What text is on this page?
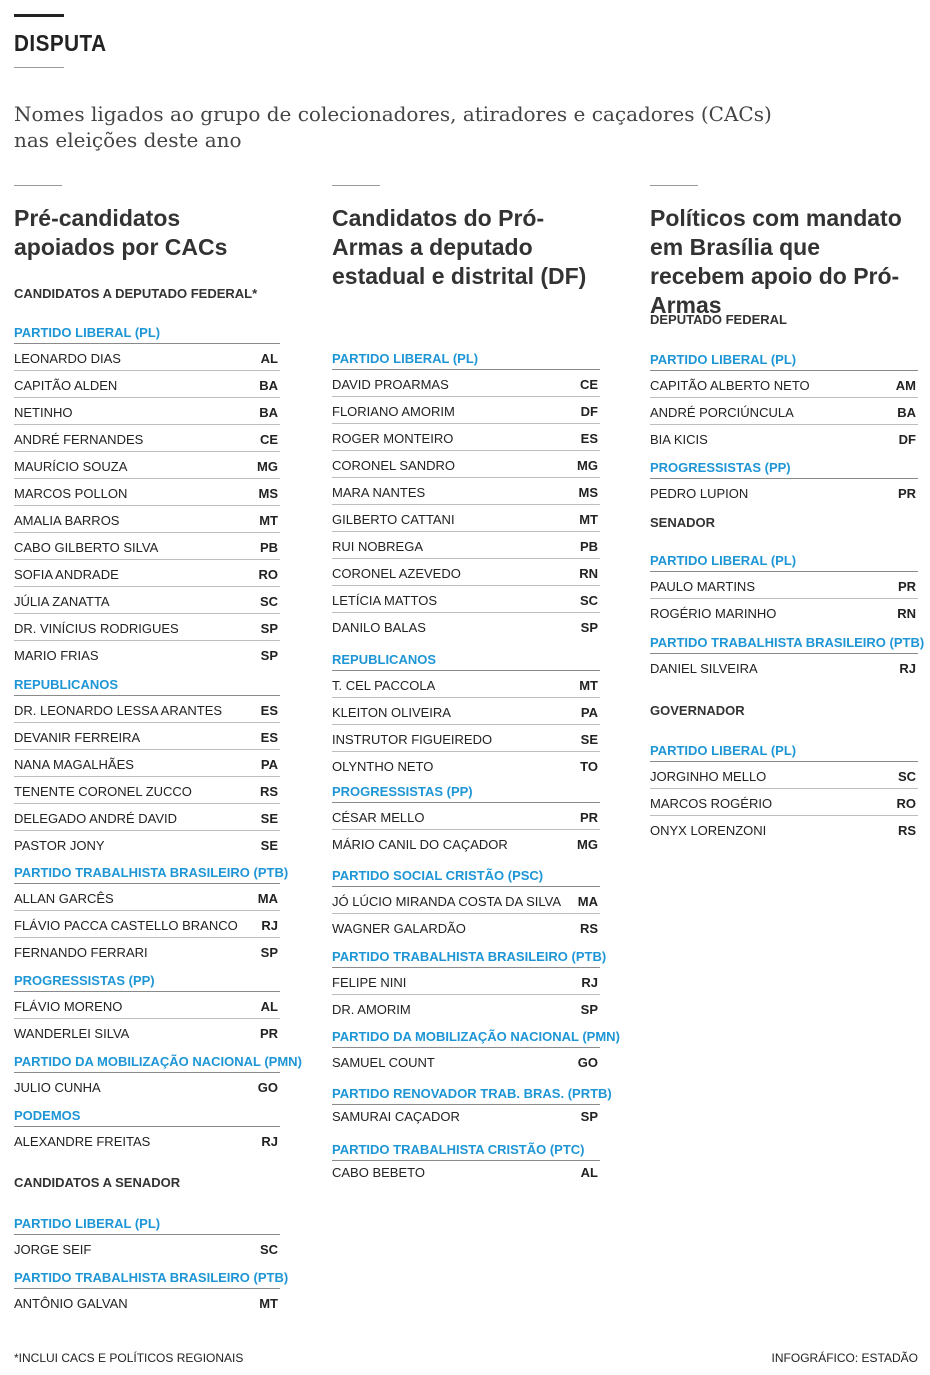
DISPUTA

Nomes ligados ao grupo de colecionadores, atiradores e caçadores (CACs) nas eleições deste ano

Pré-candidatos apoiados por CACs
Candidatos do Pró-Armas a deputado estadual e distrital (DF)
Políticos com mandato em Brasília que recebem apoio do Pró-Armas
CANDIDATOS A DEPUTADO FEDERAL*
PARTIDO LIBERAL (PL)
LEONARDO DIAS	AL
CAPITÃO ALDEN	BA
NETINHO	BA
ANDRÉ FERNANDES	CE
MAURÍCIO SOUZA	MG
MARCOS POLLON	MS
AMALIA BARROS	MT
CABO GILBERTO SILVA	PB
SOFIA ANDRADE	RO
JÚLIA ZANATTA	SC
DR. VINÍCIUS RODRIGUES	SP
MARIO FRIAS	SP
REPUBLICANOS
DR. LEONARDO LESSA ARANTES	ES
DEVANIR FERREIRA	ES
NANA MAGALHÃES	PA
TENENTE CORONEL ZUCCO	RS
DELEGADO ANDRÉ DAVID	SE
PASTOR JONY	SE
PARTIDO TRABALHISTA BRASILEIRO (PTB)
ALLAN GARCÊS	MA
FLÁVIO PACCA CASTELLO BRANCO RJ
FERNANDO FERRARI	SP
PROGRESSISTAS (PP)
FLÁVIO MORENO	AL
WANDERLEI SILVA	PR
PARTIDO DA MOBILIZAÇÃO NACIONAL (PMN)
JULIO CUNHA	GO
PODEMOS
ALEXANDRE FREITAS	RJ
CANDIDATOS A SENADOR
PARTIDO LIBERAL (PL)
JORGE SEIF	SC
PARTIDO TRABALHISTA BRASILEIRO (PTB)
ANTÔNIO GALVAN	MT
PARTIDO LIBERAL (PL)
DAVID PROARMAS	CE
FLORIANO AMORIM	DF
ROGER MONTEIRO	ES
CORONEL SANDRO	MG
MARA NANTES	MS
GILBERTO CATTANI	MT
RUI NOBREGA	PB
CORONEL AZEVEDO	RN
LETÍCIA MATTOS	SC
DANILO BALAS	SP
REPUBLICANOS
T. CEL PACCOLA	MT
KLEITON OLIVEIRA	PA
INSTRUTOR FIGUEIREDO	SE
OLYNTHO NETO	TO
PROGRESSISTAS (PP)
CÉSAR MELLO	PR
MÁRIO CANIL DO CAÇADOR	MG
PARTIDO SOCIAL CRISTÃO (PSC)
JÓ LÚCIO MIRANDA COSTA DA SILVA MA
WAGNER GALARDÃO	RS
PARTIDO TRABALHISTA BRASILEIRO (PTB)
FELIPE NINI	RJ
DR. AMORIM	SP
PARTIDO DA MOBILIZAÇÃO NACIONAL (PMN)
SAMUEL COUNT	GO
PARTIDO RENOVADOR TRAB. BRAS. (PRTB)
SAMURAI CAÇADOR	SP
PARTIDO TRABALHISTA CRISTÃO (PTC)
CABO BEBETO	AL
DEPUTADO FEDERAL
PARTIDO LIBERAL (PL)
CAPITÃO ALBERTO NETO	AM
ANDRÉ PORCIÚNCULA	BA
BIA KICIS	DF
PROGRESSISTAS (PP)
PEDRO LUPION	PR
SENADOR
PARTIDO LIBERAL (PL)
PAULO MARTINS	PR
ROGÉRIO MARINHO	RN
PARTIDO TRABALHISTA BRASILEIRO (PTB)
DANIEL SILVEIRA	RJ
GOVERNADOR
PARTIDO LIBERAL (PL)
JORGINHO MELLO	SC
MARCOS ROGÉRIO	RO
ONYX LORENZONI	RS
*INCLUI CACS E POLÍTICOS REGIONAIS	INFOGRÁFICO: ESTADÃO
